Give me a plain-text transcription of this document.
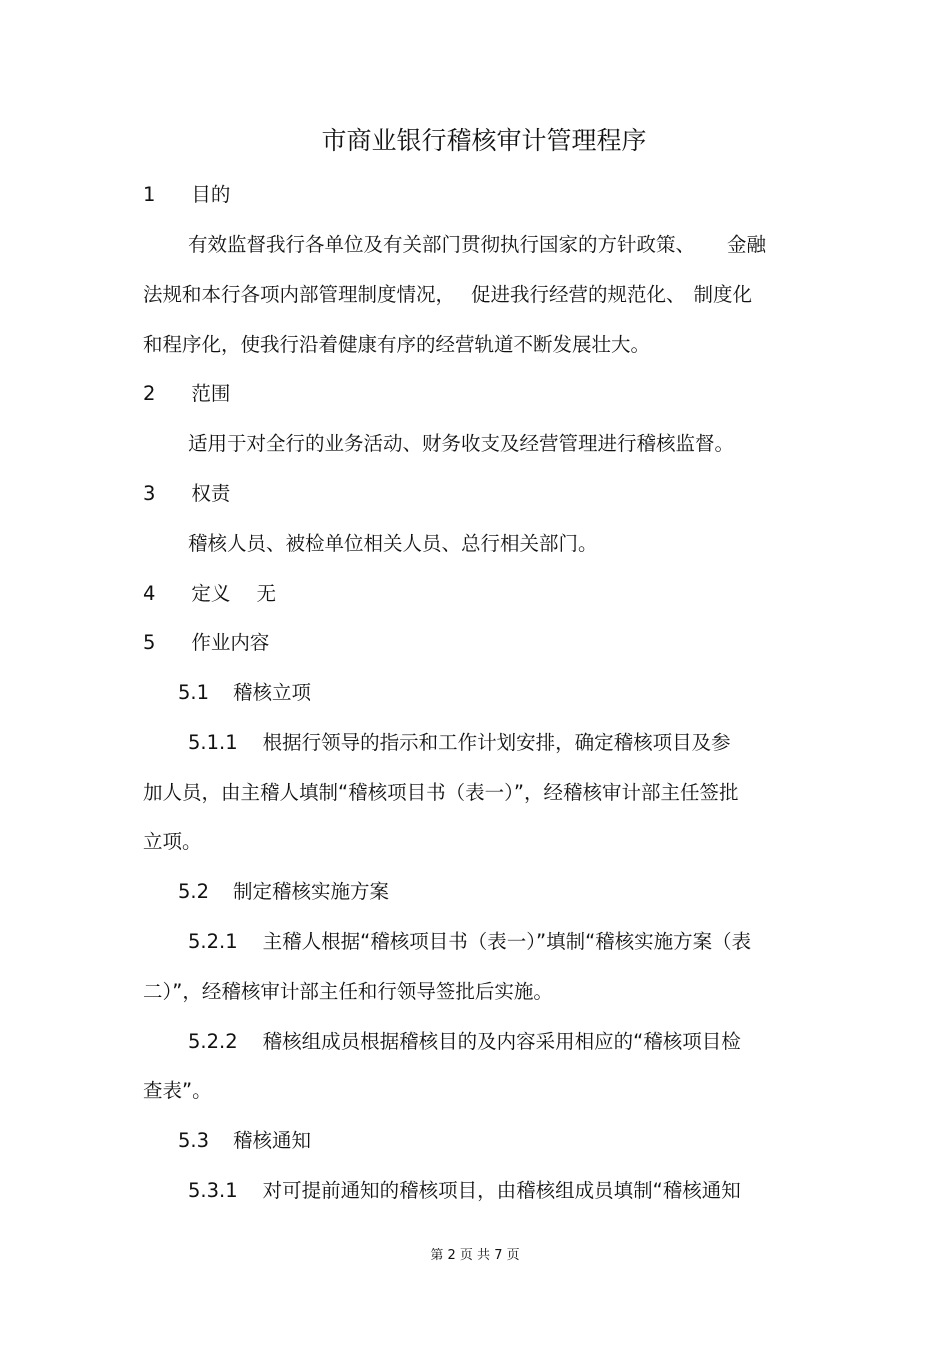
市商业银行稽核审计管理程序
1 目的
有效监督我行各单位及有关部门贯彻执行国家的方针政策、 金融
法规和本行各项内部管理制度情况， 促进我行经营的规范化、 制度化
和程序化，使我行沿着健康有序的经营轨道不断发展壮大。
2 范围
适用于对全行的业务活动、财务收支及经营管理进行稽核监督。
3 权责
稽核人员、被检单位相关人员、总行相关部门。
4 定义 无
5 作业内容
5.1 稽核立项
5.1.1 根据行领导的指示和工作计划安排，确定稽核项目及参
加人员，由主稽人填制“稽核项目书（表一）”，经稽核审计部主任签批
立项。
5.2 制定稽核实施方案
5.2.1 主稽人根据“稽核项目书（表一）”填制“稽核实施方案（表
二）”，经稽核审计部主任和行领导签批后实施。
5.2.2 稽核组成员根据稽核目的及内容采用相应的“稽核项目检
查表”。
5.3 稽核通知
5.3.1 对可提前通知的稽核项目，由稽核组成员填制“稽核通知
第 2 页 共 7 页
